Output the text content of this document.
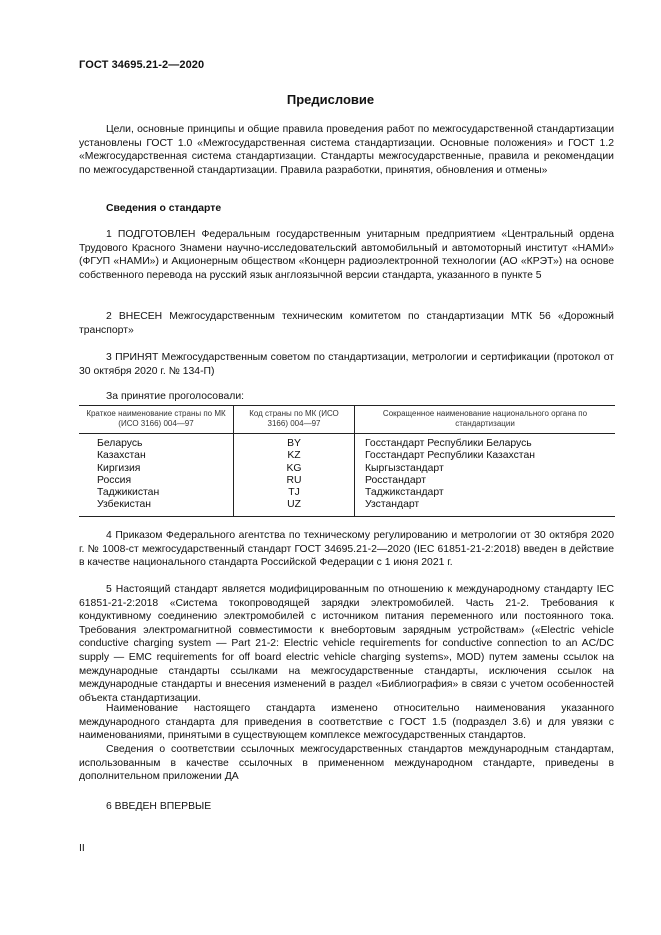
ГОСТ 34695.21-2—2020
Предисловие

Цели, основные принципы и общие правила проведения работ по межгосударственной стандартизации установлены ГОСТ 1.0 «Межгосударственная система стандартизации. Основные положения» и ГОСТ 1.2 «Межгосударственная система стандартизации. Стандарты межгосударственные, правила и рекомендации по межгосударственной стандартизации. Правила разработки, принятия, обновления и отмены»

Сведения о стандарте

1 ПОДГОТОВЛЕН Федеральным государственным унитарным предприятием «Центральный ордена Трудового Красного Знамени научно-исследовательский автомобильный и автомоторный институт «НАМИ» (ФГУП «НАМИ») и Акционерным обществом «Концерн радиоэлектронной технологии (АО «КРЭТ») на основе собственного перевода на русский язык англоязычной версии стандарта, указанного в пункте 5

2 ВНЕСЕН Межгосударственным техническим комитетом по стандартизации МТК 56 «Дорожный транспорт»

3 ПРИНЯТ Межгосударственным советом по стандартизации, метрологии и сертификации (протокол от 30 октября 2020 г. № 134-П)

За принятие проголосовали:
Краткое наименование страны по МК (ИСО 3166) 004—97	Код страны по МК (ИСО 3166) 004—97	Сокращенное наименование национального органа по стандартизации
Беларусь	BY	Госстандарт Республики Беларусь
Казахстан	KZ	Госстандарт Республики Казахстан
Киргизия	KG	Кыргызстандарт
Россия	RU	Росстандарт
Таджикистан	TJ	Таджикстандарт
Узбекистан	UZ	Узстандарт

4 Приказом Федерального агентства по техническому регулированию и метрологии от 30 октября 2020 г. № 1008-ст межгосударственный стандарт ГОСТ 34695.21-2—2020 (IEC 61851-21-2:2018) введен в действие в качестве национального стандарта Российской Федерации с 1 июня 2021 г.

5 Настоящий стандарт является модифицированным по отношению к международному стандарту IEC 61851-21-2:2018 «Система токопроводящей зарядки электромобилей. Часть 21-2. Требования к кондуктивному соединению электромобилей с источником питания переменного или постоянного тока. Требования электромагнитной совместимости к внебортовым зарядным устройствам» («Electric vehicle conductive charging system — Part 21-2: Electric vehicle requirements for conductive connection to an AC/DC supply — EMC requirements for off board electric vehicle charging systems», MOD) путем замены ссылок на международные стандарты ссылками на межгосударственные стандарты, исключения ссылок на международные стандарты и внесения изменений в раздел «Библиография» в связи с учетом особенностей объекта стандартизации.

Наименование настоящего стандарта изменено относительно наименования указанного международного стандарта для приведения в соответствие с ГОСТ 1.5 (подраздел 3.6) и для увязки с наименованиями, принятыми в существующем комплексе межгосударственных стандартов.

Сведения о соответствии ссылочных межгосударственных стандартов международным стандартам, использованным в качестве ссылочных в примененном международном стандарте, приведены в дополнительном приложении ДА

6 ВВЕДЕН ВПЕРВЫЕ
II
